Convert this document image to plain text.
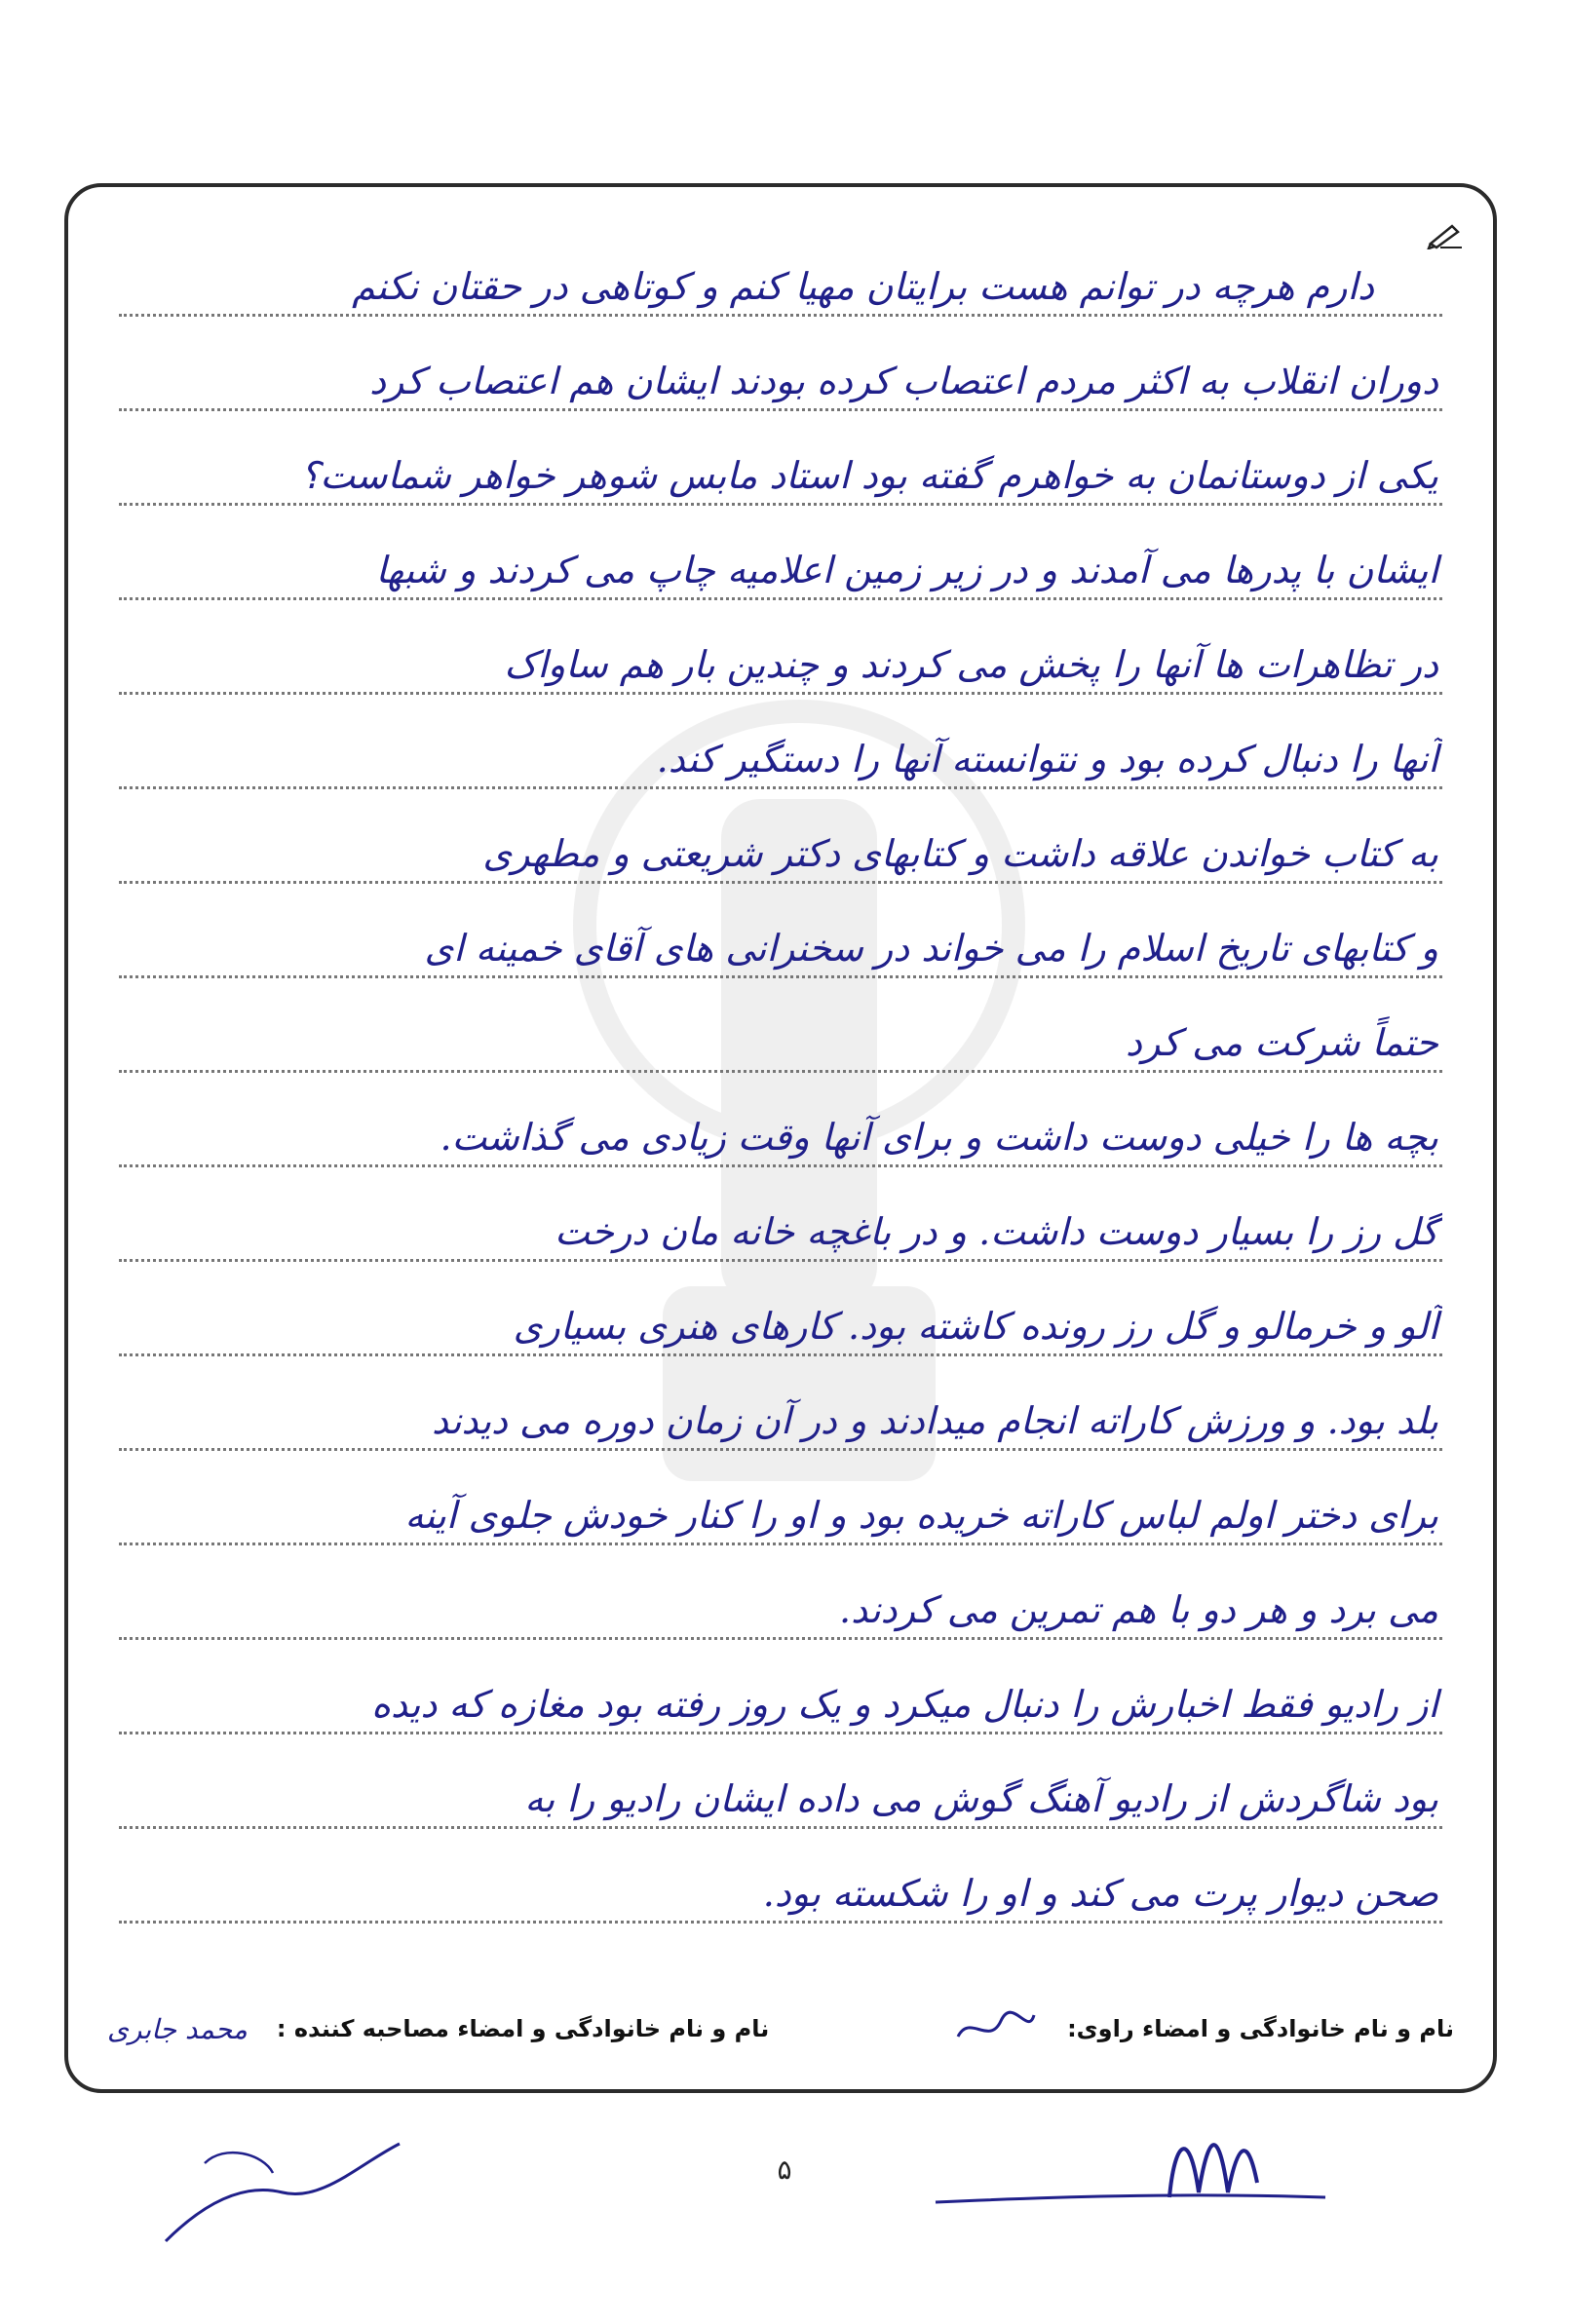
دارم هرچه در توانم هست برایتان مهیا کنم و کوتاهی در حقتان نکنم
دوران انقلاب به اکثر مردم اعتصاب کرده بودند ایشان هم اعتصاب کرد
یکی از دوستانمان به خواهرم گفته بود استاد مابس شوهر خواهر شماست؟
ایشان با پدرها می آمدند و در زیر زمین اعلامیه چاپ می کردند و شبها
در تظاهرات ها آنها را پخش می کردند و چندین بار هم ساواک
آنها را دنبال کرده بود و نتوانسته آنها را دستگیر کند.
به کتاب خواندن علاقه داشت و کتابهای دکتر شریعتی و مطهری
و کتابهای تاریخ اسلام را می خواند در سخنرانی های آقای خمینه ای
حتماً شرکت می کرد
بچه ها را خیلی دوست داشت و برای آنها وقت زیادی می گذاشت.
گل رز را بسیار دوست داشت. و در باغچه خانه مان درخت
آلو و خرمالو و گل رز رونده کاشته بود. کارهای هنری بسیاری
بلد بود. و ورزش کاراته انجام میدادند و در آن زمان دوره می دیدند
برای دختر اولم لباس کاراته خریده بود و او را کنار خودش جلوی آینه
می برد و هر دو با هم تمرین می کردند.
از رادیو فقط اخبارش را دنبال میکرد و یک روز رفته بود مغازه که دیده
بود شاگردش از رادیو آهنگ گوش می داده ایشان رادیو را به
صحن دیوار پرت می کند و او را شکسته بود.
نام و نام خانوادگی و امضاء راوی:
نام و نام خانوادگی و امضاء مصاحبه کننده :
محمد جابری
۵
